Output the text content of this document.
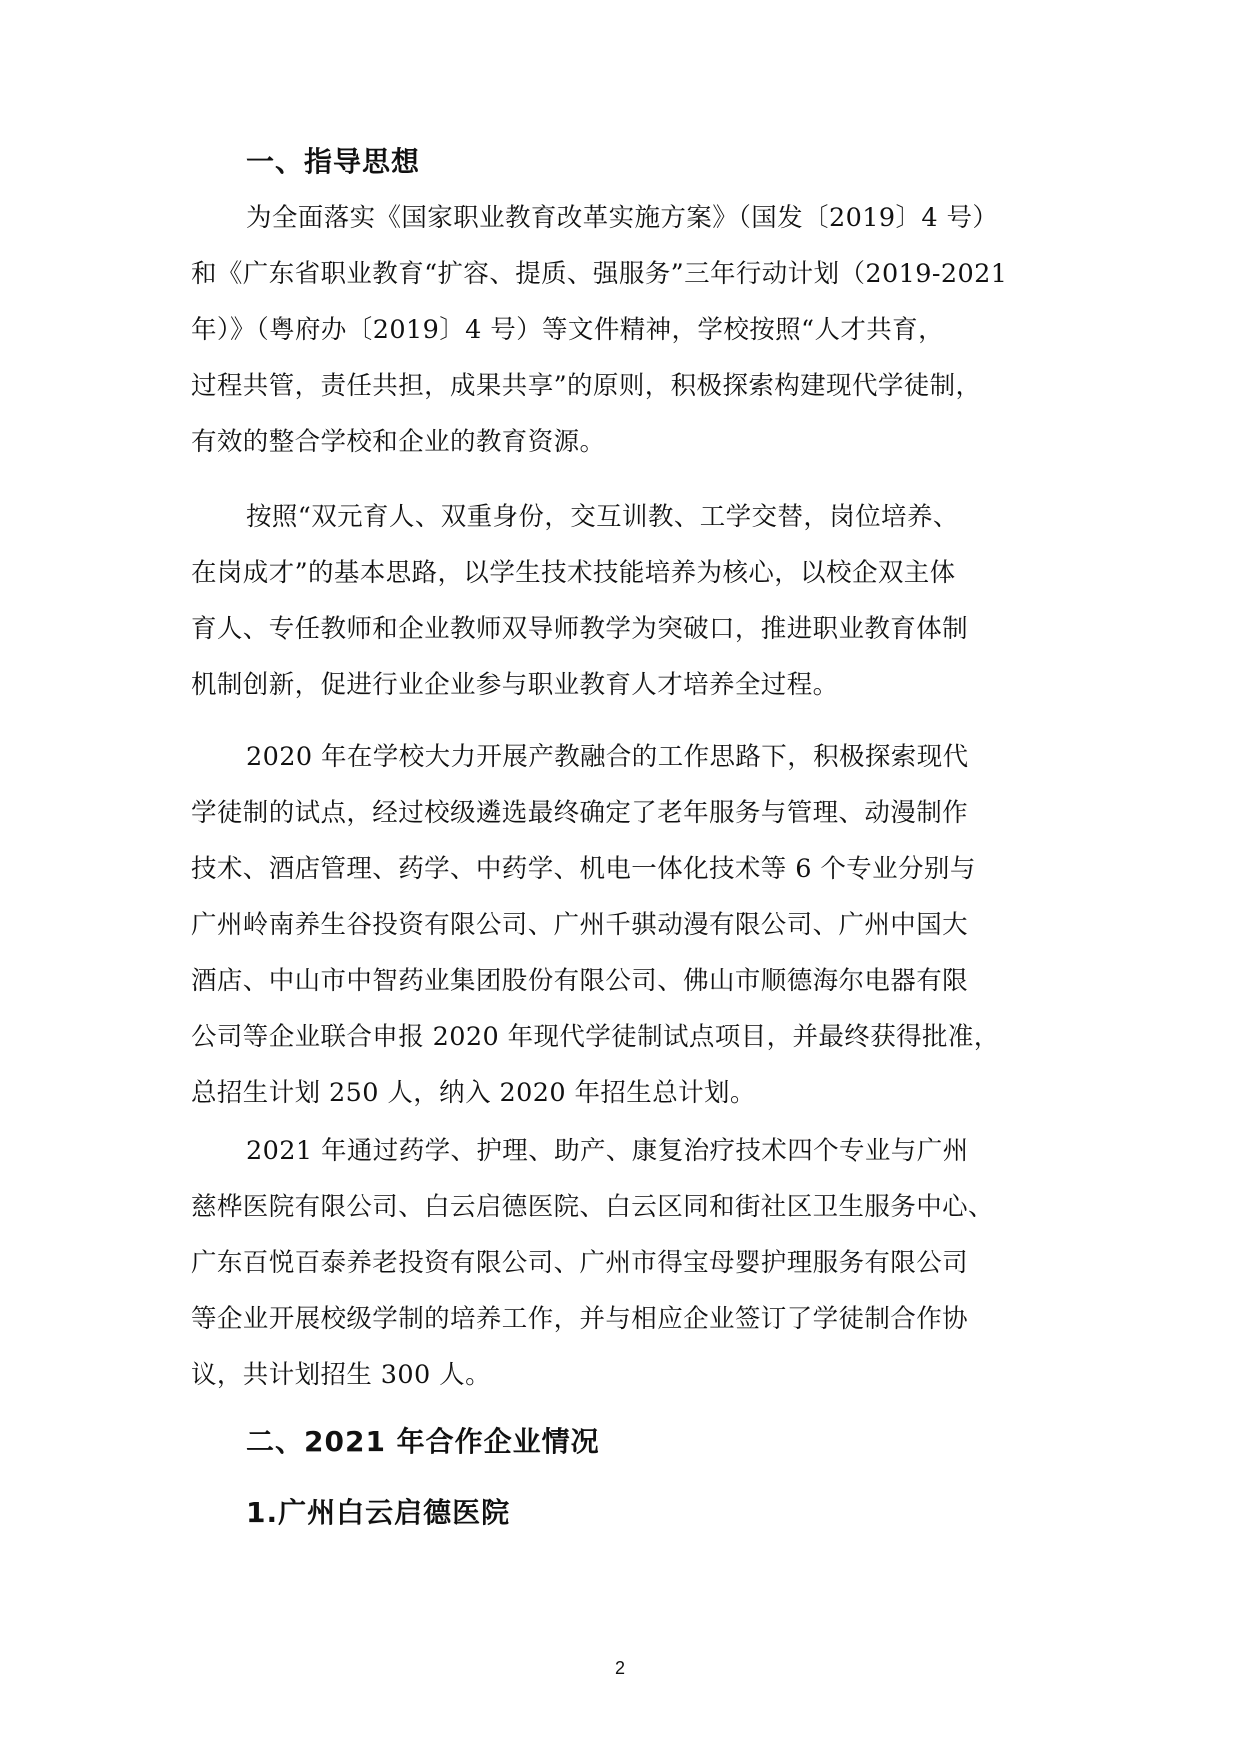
一、指导思想
为全面落实《国家职业教育改革实施方案》（国发〔2019〕4 号）
和《广东省职业教育“扩容、提质、强服务”三年行动计划（2019-2021
年）》（粤府办〔2019〕4 号）等文件精神，学校按照“人才共育，
过程共管，责任共担，成果共享”的原则，积极探索构建现代学徒制，
有效的整合学校和企业的教育资源。
按照“双元育人、双重身份，交互训教、工学交替，岗位培养、
在岗成才”的基本思路，以学生技术技能培养为核心，以校企双主体
育人、专任教师和企业教师双导师教学为突破口，推进职业教育体制
机制创新，促进行业企业参与职业教育人才培养全过程。
2020 年在学校大力开展产教融合的工作思路下，积极探索现代
学徒制的试点，经过校级遴选最终确定了老年服务与管理、动漫制作
技术、酒店管理、药学、中药学、机电一体化技术等 6 个专业分别与
广州岭南养生谷投资有限公司、广州千骐动漫有限公司、广州中国大
酒店、中山市中智药业集团股份有限公司、佛山市顺德海尔电器有限
公司等企业联合申报 2020 年现代学徒制试点项目，并最终获得批准，
总招生计划 250 人，纳入 2020 年招生总计划。
2021 年通过药学、护理、助产、康复治疗技术四个专业与广州
慈桦医院有限公司、白云启德医院、白云区同和街社区卫生服务中心、
广东百悦百泰养老投资有限公司、广州市得宝母婴护理服务有限公司
等企业开展校级学制的培养工作，并与相应企业签订了学徒制合作协
议，共计划招生 300 人。
二、2021 年合作企业情况
1.广州白云启德医院
2
